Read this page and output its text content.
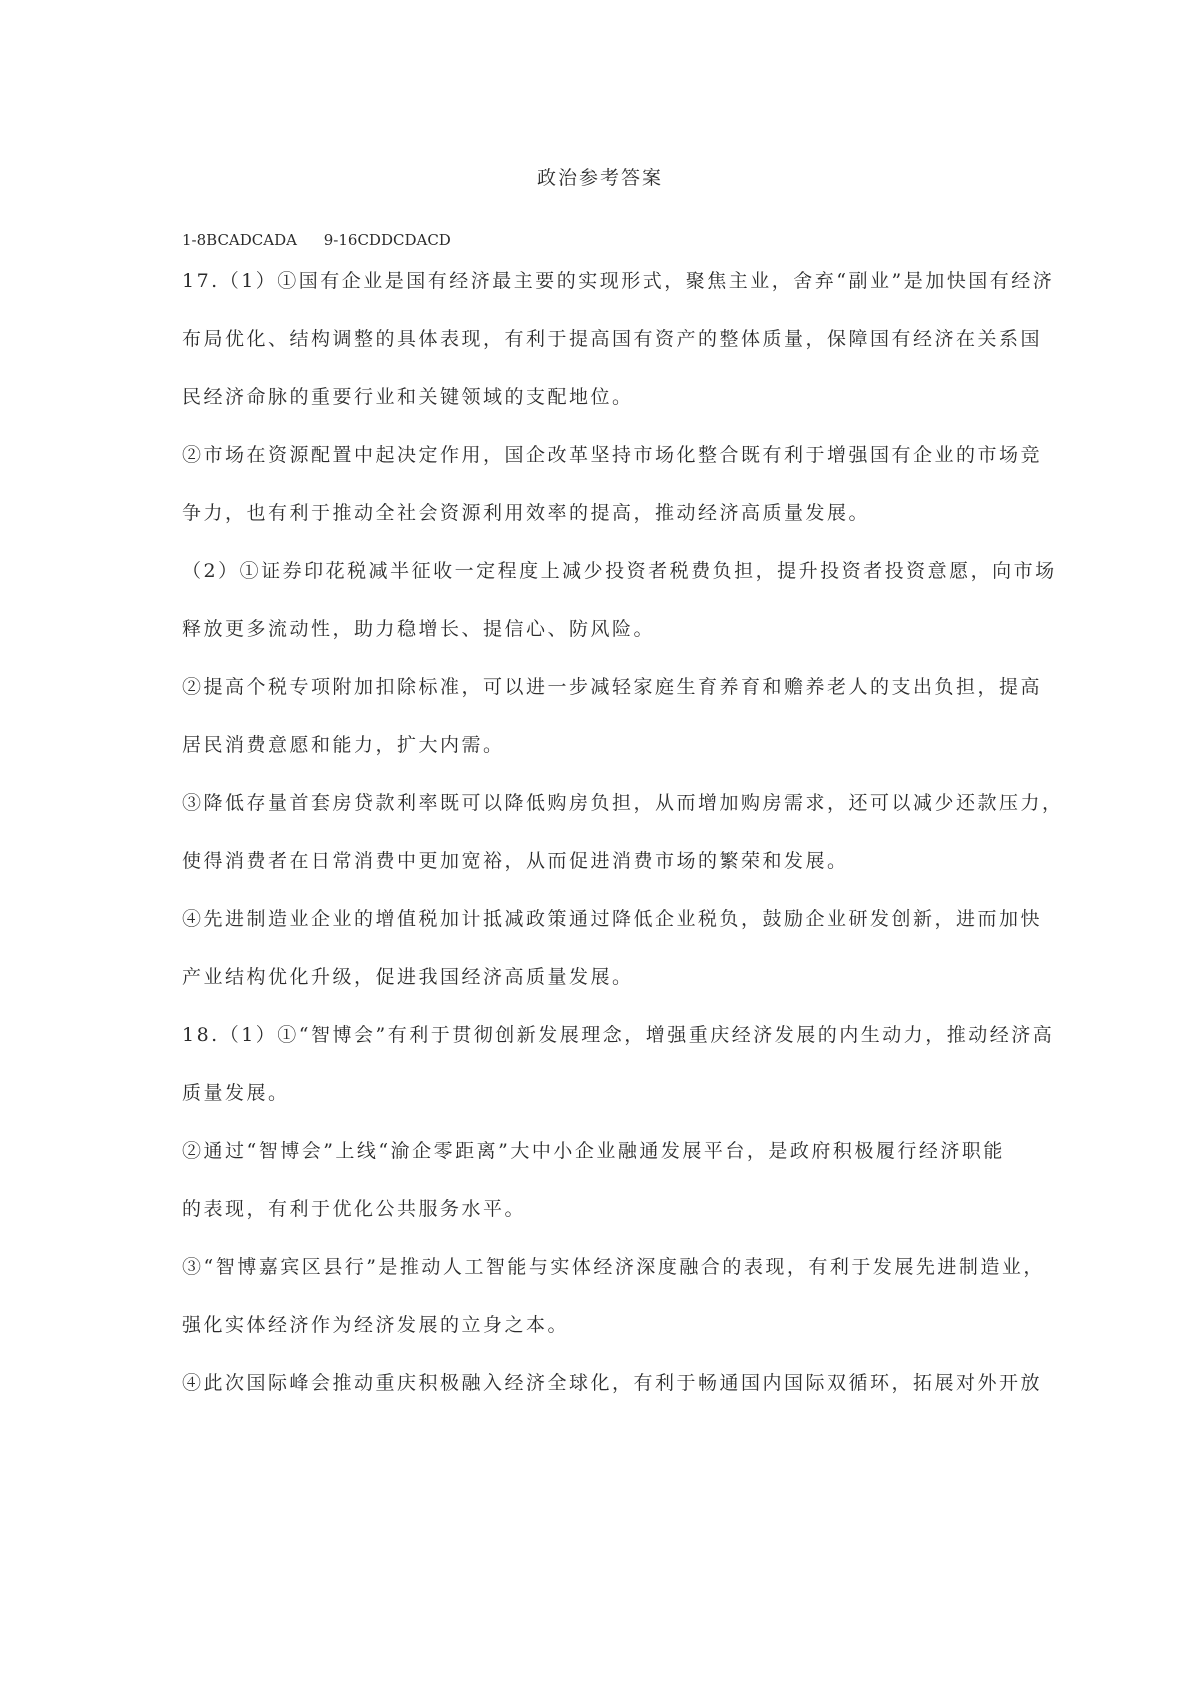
政治参考答案

1-8BCADCADA 9-16CDDCDACD

17.（1）①国有企业是国有经济最主要的实现形式，聚焦主业，舍弃“副业”是加快国有经济

布局优化、结构调整的具体表现，有利于提高国有资产的整体质量，保障国有经济在关系国

民经济命脉的重要行业和关键领域的支配地位。

②市场在资源配置中起决定作用，国企改革坚持市场化整合既有利于增强国有企业的市场竞

争力，也有利于推动全社会资源利用效率的提高，推动经济高质量发展。

（2）①证券印花税减半征收一定程度上减少投资者税费负担，提升投资者投资意愿，向市场

释放更多流动性，助力稳增长、提信心、防风险。

②提高个税专项附加扣除标准，可以进一步减轻家庭生育养育和赡养老人的支出负担，提高

居民消费意愿和能力，扩大内需。

③降低存量首套房贷款利率既可以降低购房负担，从而增加购房需求，还可以减少还款压力，

使得消费者在日常消费中更加宽裕，从而促进消费市场的繁荣和发展。

④先进制造业企业的增值税加计抵减政策通过降低企业税负，鼓励企业研发创新，进而加快

产业结构优化升级，促进我国经济高质量发展。

18.（1）①“智博会”有利于贯彻创新发展理念，增强重庆经济发展的内生动力，推动经济高

质量发展。

②通过“智博会”上线“渝企零距离”大中小企业融通发展平台，是政府积极履行经济职能

的表现，有利于优化公共服务水平。

③“智博嘉宾区县行”是推动人工智能与实体经济深度融合的表现，有利于发展先进制造业，

强化实体经济作为经济发展的立身之本。

④此次国际峰会推动重庆积极融入经济全球化，有利于畅通国内国际双循环，拓展对外开放
